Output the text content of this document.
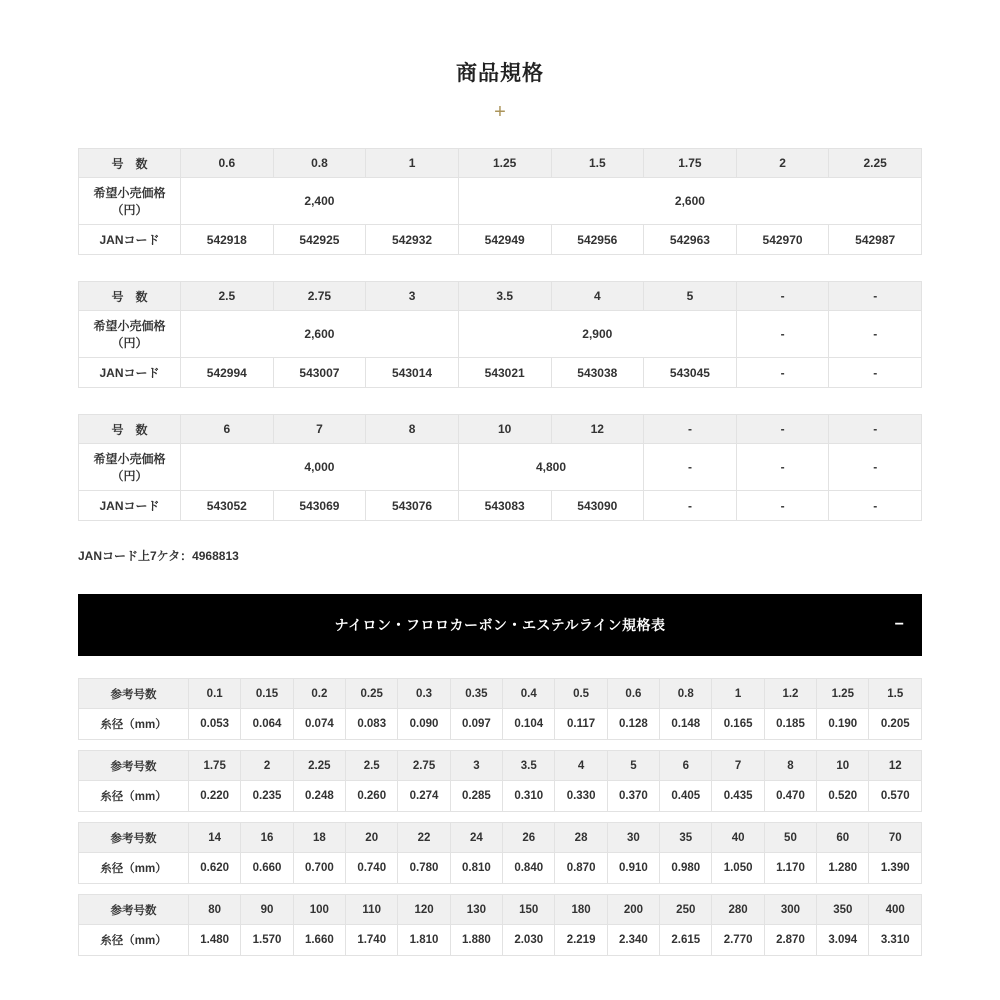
商品規格
+
号　数	0.6	0.8	1	1.25	1.5	1.75	2	2.25
希望小売価格（円）	2,400			2,600				
JANコード	542918	542925	542932	542949	542956	542963	542970	542987
号　数	2.5	2.75	3	3.5	4	5	-	-
希望小売価格（円）	2,600			2,900			-	-
JANコード	542994	543007	543014	543021	543038	543045	-	-
号　数	6	7	8	10	12	-	-	-
希望小売価格（円）	4,000			4,800		-	-	-
JANコード	543052	543069	543076	543083	543090	-	-	-

JANコード上7ケタ：4968813

ナイロン・フロロカーボン・エステルライン規格表	−
参考号数	0.1	0.15	0.2	0.25	0.3	0.35	0.4	0.5	0.6	0.8	1	1.2	1.25	1.5
糸径（mm）	0.053	0.064	0.074	0.083	0.090	0.097	0.104	0.117	0.128	0.148	0.165	0.185	0.190	0.205
参考号数	1.75	2	2.25	2.5	2.75	3	3.5	4	5	6	7	8	10	12
糸径（mm）	0.220	0.235	0.248	0.260	0.274	0.285	0.310	0.330	0.370	0.405	0.435	0.470	0.520	0.570
参考号数	14	16	18	20	22	24	26	28	30	35	40	50	60	70
糸径（mm）	0.620	0.660	0.700	0.740	0.780	0.810	0.840	0.870	0.910	0.980	1.050	1.170	1.280	1.390
参考号数	80	90	100	110	120	130	150	180	200	250	280	300	350	400
糸径（mm）	1.480	1.570	1.660	1.740	1.810	1.880	2.030	2.219	2.340	2.615	2.770	2.870	3.094	3.310
